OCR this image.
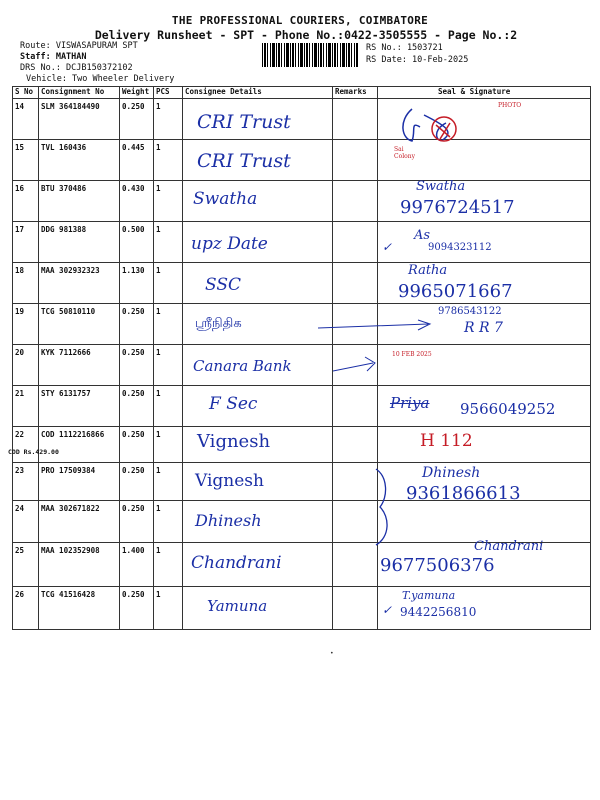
THE PROFESSIONAL COURIERS, COIMBATORE
Delivery Runsheet - SPT - Phone No.:0422-3505555 - Page No.:2
Route: VISWASAPURAM SPT
Staff: MATHAN
DRS No.: DCJB150372102
Vehicle: Two Wheeler Delivery
RS No.: 1503721
RS Date: 10-Feb-2025
S No	Consignment No	Weight	PCS	Consignee Details	Remarks	Seal & Signature
14	SLM 364184490	0.250	1	CRI Trust		PHOTO

15	TVL 160436	0.445	1	CRI Trust		Sai Colony

16	BTU 370486	0.430	1	Swatha		Swatha
9976724517

17	DDG 981388	0.500	1	upz Date		✓
As
9094323112

18	MAA 302932323	1.130	1	SSC		Ratha
9965071667

19	TCG 50810110	0.250	1	ஸ்ரீநிதிக		9786543122
R R 7

20	KYK 7112666	0.250	1	Canara Bank		10 FEB 2025

21	STY 6131757	0.250	1	F Sec		Priya 9566049252

22	COD 1112216866	0.250	1	Vignesh		H 112

23	PRO 17509384	0.250	1	Vignesh		Dhinesh
9361866613

24	MAA 302671822	0.250	1	Dhinesh		

25	MAA 102352908	1.400	1	Chandrani		Chandrani
9677506376

26	TCG 41516428	0.250	1	Yamuna		✓
T.yamuna
9442256810
COD Rs.429.00
•
